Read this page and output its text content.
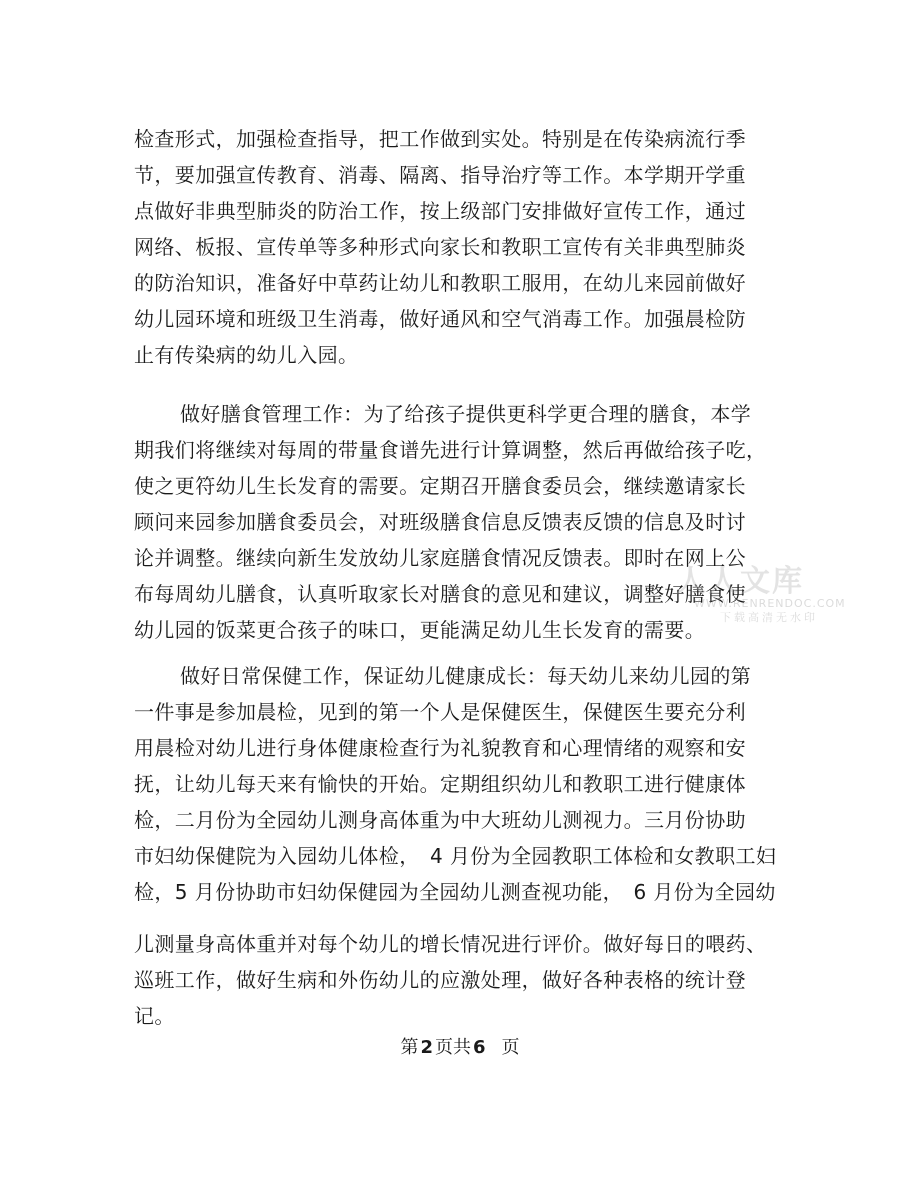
检查形式，加强检查指导，把工作做到实处。特别是在传染病流行季
节，要加强宣传教育、消毒、隔离、指导治疗等工作。本学期开学重
点做好非典型肺炎的防治工作，按上级部门安排做好宣传工作，通过
网络、板报、宣传单等多种形式向家长和教职工宣传有关非典型肺炎
的防治知识，准备好中草药让幼儿和教职工服用，在幼儿来园前做好
幼儿园环境和班级卫生消毒，做好通风和空气消毒工作。加强晨检防
止有传染病的幼儿入园。
做好膳食管理工作：为了给孩子提供更科学更合理的膳食，本学
期我们将继续对每周的带量食谱先进行计算调整，然后再做给孩子吃，
使之更符幼儿生长发育的需要。定期召开膳食委员会，继续邀请家长
顾问来园参加膳食委员会，对班级膳食信息反馈表反馈的信息及时讨
论并调整。继续向新生发放幼儿家庭膳食情况反馈表。即时在网上公
布每周幼儿膳食，认真听取家长对膳食的意见和建议，调整好膳食使
幼儿园的饭菜更合孩子的味口，更能满足幼儿生长发育的需要。
做好日常保健工作，保证幼儿健康成长：每天幼儿来幼儿园的第
一件事是参加晨检，见到的第一个人是保健医生，保健医生要充分利
用晨检对幼儿进行身体健康检查行为礼貌教育和心理情绪的观察和安
抚，让幼儿每天来有愉快的开始。定期组织幼儿和教职工进行健康体
检，二月份为全园幼儿测身高体重为中大班幼儿测视力。三月份协助
市妇幼保健院为入园幼儿体检，　4 月份为全园教职工体检和女教职工妇
检，5 月份协助市妇幼保健园为全园幼儿测查视功能，　6 月份为全园幼
儿测量身高体重并对每个幼儿的增长情况进行评价。做好每日的喂药、
巡班工作，做好生病和外伤幼儿的应激处理，做好各种表格的统计登
记。
人人文库
WWW.RENRENDOC.COM
下载高清无水印
第 2 页共 6 页
